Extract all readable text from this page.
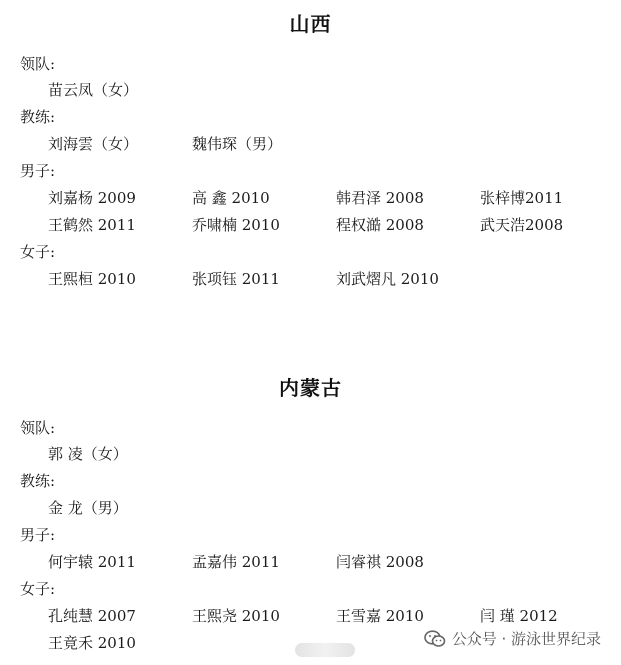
山西
领队:
苗云凤（女）
教练:
刘海雲（女）	魏伟琛（男）
男子:
刘嘉杨 2009	高 鑫 2010	韩君泽 2008	张梓博2011
王鹤然 2011	乔啸楠 2010	程权澔 2008	武天浩2008
女子:
王熙桓 2010	张项钰 2011	刘武熠凡 2010
内蒙古
领队:
郭 凌（女）
教练:
金 龙（男）
男子:
何宇辕 2011	孟嘉伟 2011	闫睿祺 2008
女子:
孔纯慧 2007	王熙尧 2010	王雪嘉 2010	闫 瑾 2012
王竟禾 2010	公众号 · 游泳世界纪录
